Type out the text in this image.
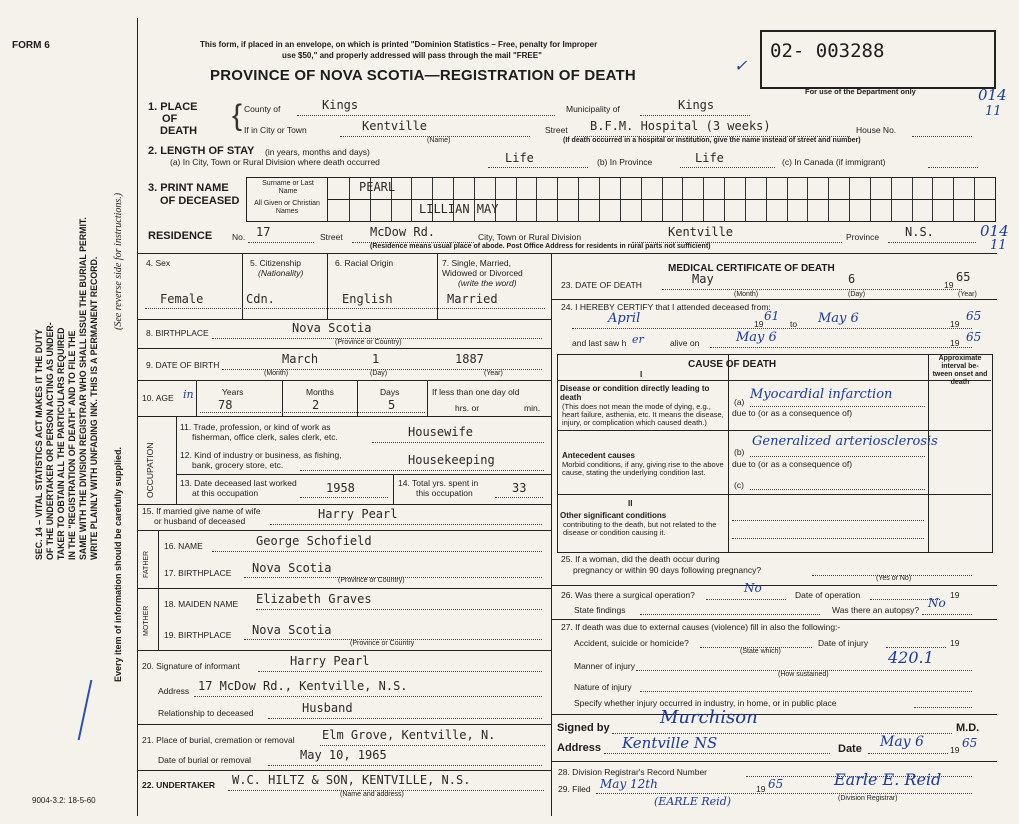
FORM 6
SEC. 14 – VITAL STATISTICS ACT MAKES IT THE DUTY OF THE UNDERTAKER OR PERSON ACTING AS UNDER- TAKER TO OBTAIN ALL THE PARTICULARS REQUIRED IN THE "REGISTRATION OF DEATH" AND TO FILE THE SAME WITH THE DIVISION REGISTRAR WHO SHALL ISSUE THE BURIAL PERMIT. WRITE PLAINLY WITH UNFADING INK. THIS IS A PERMANENT RECORD. (See reverse side for instructions.)
Every item of information should be carefully supplied.
9004-3.2: 18-5-60
This form, if placed in an envelope, on which is printed "Dominion Statistics – Free, penalty for Improper
use $50," and properly addressed will pass through the mail "FREE"
PROVINCE OF NOVA SCOTIA—REGISTRATION OF DEATH
02- 003288
✓
For use of the Department only	014
11
1. PLACE
OF
DEATH { County of	Kings	Municipality of	Kings
If in City or Town	Kentville
(Name)
Street B.F.M. Hospital (3 weeks)	House No.
(If death occurred in a hospital or institution, give the name instead of street and number)
2. LENGTH OF STAY (in years, months and days)
(a) In City, Town or Rural Division where death occurred	Life	(b) In Province	Life	(c) In Canada (if immigrant)
3. PRINT NAME
OF DECEASED
Surname or Last Name
All Given or Christian Names
PEARL
LILLIAN MAY
RESIDENCE No. 17	Street McDow Rd.	City, Town or Rural Division	Kentville	Province N.S.
(Residence means usual place of abode. Post Office Address for residents in rural parts not sufficient)
014
11
4. Sex
Female
5. Citizenship
(Nationality)
Cdn.
6. Racial Origin
English
7. Single, Married,
Widowed or Divorced
(write the word)
Married
8. BIRTHPLACE	Nova Scotia
(Province or Country)
9. DATE OF BIRTH	March	1	1887
(Month)	(Day)	(Year)
10. AGE in	Years
78
Months
2
Days
5
If less than one day old
hrs. or	min.
OCCUPATION
11. Trade, profession, or kind of work as
fisherman, office clerk, sales clerk, etc.	Housewife
12. Kind of industry or business, as fishing,
bank, grocery store, etc.	Housekeeping
13. Date deceased last worked
at this occupation	1958	14. Total yrs. spent in
this occupation	33
15. If married give name of wife
or husband of deceased	Harry Pearl
FATHER
16. NAME	George Schofield
17. BIRTHPLACE Nova Scotia
(Province or Country)
MOTHER
18. MAIDEN NAME Elizabeth Graves
19. BIRTHPLACE Nova Scotia
(Province or Country
20. Signature of informant	Harry Pearl
Address 17 McDow Rd., Kentville, N.S.
Relationship to deceased	Husband
21. Place of burial, cremation or removal Elm Grove, Kentville, N.
Date of burial or removal	May 10, 1965
22. UNDERTAKER W.C. HILTZ & SON, KENTVILLE, N.S.
(Name and address)
MEDICAL CERTIFICATE OF DEATH
23. DATE OF DEATH	May	6	19
65
(Month)	(Day)	(Year)
24. I HEREBY CERTIFY that I attended deceased from:
April	19
61
to May 6	19
65
and last saw h er	alive on	May 6	19 65
CAUSE OF DEATH
Approximate interval be- tween onset and death
I
Disease or condition directly leading to death
(This does not mean the mode of dying, e.g., heart failure, asthenia, etc. It means the disease, injury, or complication which caused death.)
(a) Myocardial infarction
due to (or as a consequence of)
Antecedent causes
Morbid conditions, if any, giving rise to the above cause, stating the underlying condition last.
(b)
Generalized arteriosclerosis
due to (or as a consequence of)
(c)
II
Other significant conditions
contributing to the death, but not related to the disease or condition causing it.
25. If a woman, did the death occur during
pregnancy or within 90 days following pregnancy?
(Yes or No)
26. Was there a surgical operation?	No	Date of operation	19
State findings	Was there an autopsy? No
27. If death was due to external causes (violence) fill in also the following:-
Accident, suicide or homicide?	Date of injury	19
(State which)
Manner of injury	420.1
(How sustained)
Nature of injury
Specify whether injury occurred in industry, in home, or in public place
Signed by	Murchison	M.D.
Address Kentville NS	Date May 6	19 65
28. Division Registrar's Record Number
29. Filed May 12th	19 65	Earle E. Reid
(EARLE Reid)	(Division Registrar)
